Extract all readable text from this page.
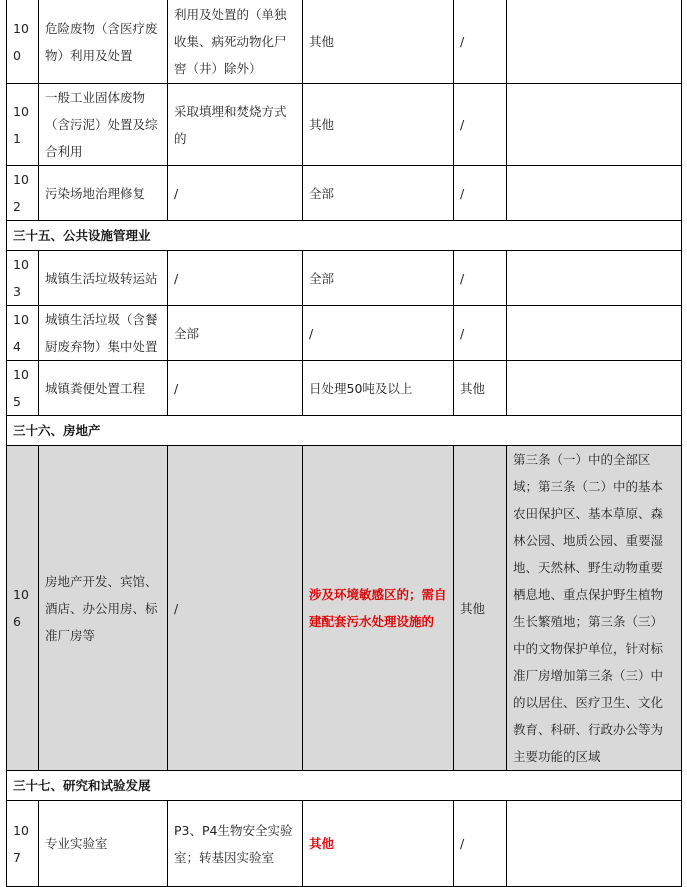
100	危险废物（含医疗废物）利用及处置	利用及处置的（单独收集、病死动物化尸窖（井）除外）	其他	/	
101	一般工业固体废物（含污泥）处置及综合利用	采取填埋和焚烧方式的	其他	/	
102	污染场地治理修复	/	全部	/	
三十五、公共设施管理业					
103	城镇生活垃圾转运站	/	全部	/	
104	城镇生活垃圾（含餐厨废弃物）集中处置	全部	/	/	
105	城镇粪便处置工程	/	日处理50吨及以上	其他	
三十六、房地产					
106	房地产开发、宾馆、酒店、办公用房、标准厂房等	/	涉及环境敏感区的；需自建配套污水处理设施的	其他	第三条（一）中的全部区域；第三条（二）中的基本农田保护区、基本草原、森林公园、地质公园、重要湿地、天然林、野生动物重要栖息地、重点保护野生植物生长繁殖地；第三条（三）中的文物保护单位，针对标准厂房增加第三条（三）中的以居住、医疗卫生、文化教育、科研、行政办公等为主要功能的区域
三十七、研究和试验发展					
107	专业实验室	P3、P4生物安全实验室；转基因实验室	其他	/	
